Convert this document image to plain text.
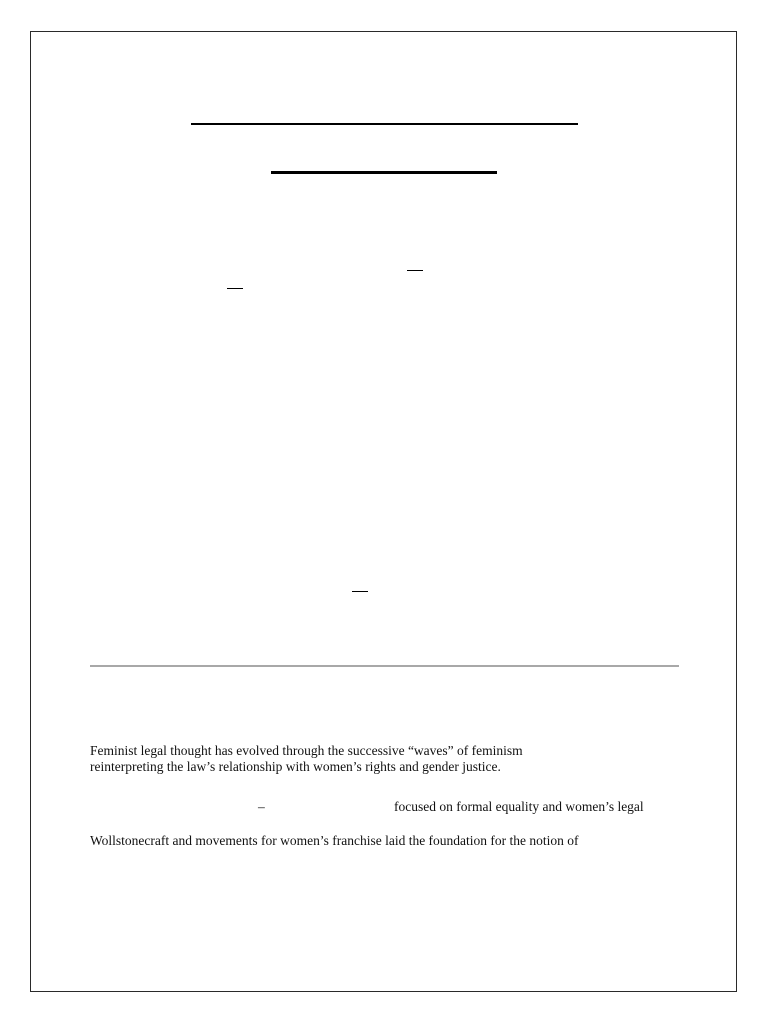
Feminist legal thought has evolved through the successive “waves” of feminism
reinterpreting the law’s relationship with women’s rights and gender justice.
–	focused on formal equality and women’s legal
Wollstonecraft and movements for women’s franchise laid the foundation for the notion of
